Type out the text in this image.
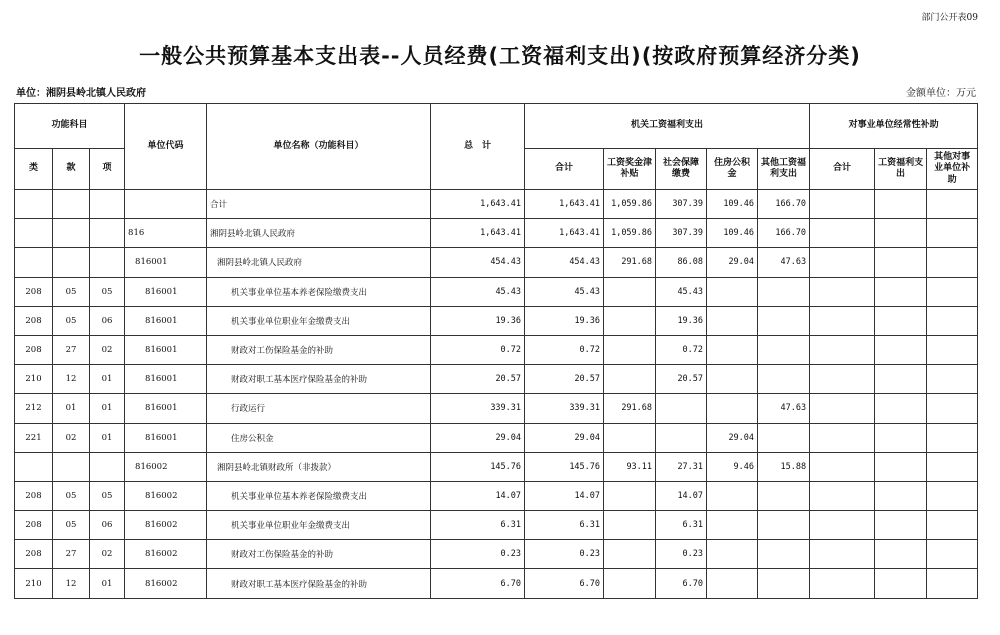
部门公开表09
一般公共预算基本支出表--人员经费(工资福利支出)(按政府预算经济分类)
单位：湘阴县岭北镇人民政府	金额单位：万元
功能科目			单位代码	单位名称（功能科目）	总　计	机关工资福利支出					对事业单位经常性补助		
类	款	项				合计	工资奖金津补贴	社会保障缴费	住房公积金	其他工资福利支出	合计	工资福利支出	其他对事业单位补助
				合计	1,643.41	1,643.41	1,059.86	307.39	109.46	166.70			
			816	湘阴县岭北镇人民政府	1,643.41	1,643.41	1,059.86	307.39	109.46	166.70			
			816001	湘阴县岭北镇人民政府	454.43	454.43	291.68	86.08	29.04	47.63			
208	05	05	816001	机关事业单位基本养老保险缴费支出	45.43	45.43		45.43					
208	05	06	816001	机关事业单位职业年金缴费支出	19.36	19.36		19.36					
208	27	02	816001	财政对工伤保险基金的补助	0.72	0.72		0.72					
210	12	01	816001	财政对职工基本医疗保险基金的补助	20.57	20.57		20.57					
212	01	01	816001	行政运行	339.31	339.31	291.68			47.63			
221	02	01	816001	住房公积金	29.04	29.04			29.04				
			816002	湘阴县岭北镇财政所（非拨款）	145.76	145.76	93.11	27.31	9.46	15.88			
208	05	05	816002	机关事业单位基本养老保险缴费支出	14.07	14.07		14.07					
208	05	06	816002	机关事业单位职业年金缴费支出	6.31	6.31		6.31					
208	27	02	816002	财政对工伤保险基金的补助	0.23	0.23		0.23					
210	12	01	816002	财政对职工基本医疗保险基金的补助	6.70	6.70		6.70					
